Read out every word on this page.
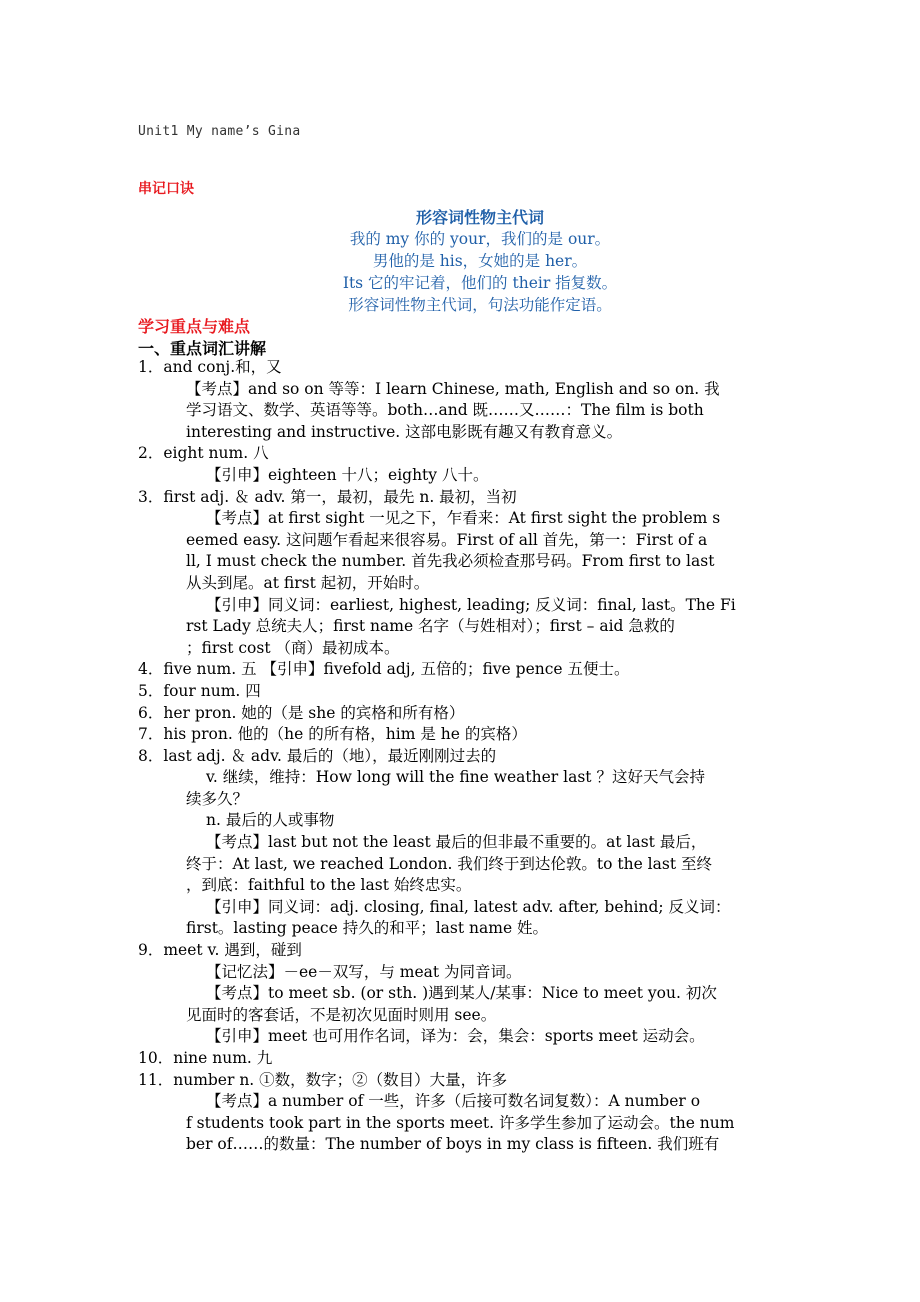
Unit1 My name’s Gina
串记口诀
形容词性物主代词
我的 my 你的 your，我们的是 our。
男他的是 his，女她的是 her。
Its 它的牢记着，他们的 their 指复数。
形容词性物主代词，句法功能作定语。
学习重点与难点
一、重点词汇讲解
1．and conj.和，又
【考点】and so on 等等：I learn Chinese, math, English and so on. 我
学习语文、数学、英语等等。both…and 既……又……：The film is both
interesting and instructive. 这部电影既有趣又有教育意义。
2．eight num. 八
【引申】eighteen 十八；eighty 八十。
3．first adj. ＆ adv. 第一，最初，最先 n. 最初，当初
【考点】at first sight 一见之下，乍看来：At first sight the problem s
eemed easy. 这问题乍看起来很容易。First of all 首先，第一：First of a
ll, I must check the number. 首先我必须检查那号码。From first to last
从头到尾。at first 起初，开始时。
【引申】同义词：earliest, highest, leading; 反义词：final, last。The Fi
rst Lady 总统夫人；first name 名字（与姓相对）；first – aid 急救的
；first cost （商）最初成本。
4．five num. 五 【引申】fivefold adj, 五倍的；five pence 五便士。
5．four num. 四
6．her pron. 她的（是 she 的宾格和所有格）
7．his pron. 他的（he 的所有格，him 是 he 的宾格）
8．last adj. ＆ adv. 最后的（地），最近刚刚过去的
v. 继续，维持：How long will the fine weather last ？这好天气会持
续多久？
n. 最后的人或事物
【考点】last but not the least 最后的但非最不重要的。at last 最后，
终于：At last, we reached London. 我们终于到达伦敦。to the last 至终
，到底：faithful to the last 始终忠实。
【引申】同义词：adj. closing, final, latest adv. after, behind; 反义词：
first。lasting peace 持久的和平；last name 姓。
9．meet v. 遇到，碰到
【记忆法】－ee－双写，与 meat 为同音词。
【考点】to meet sb. (or sth. )遇到某人/某事：Nice to meet you. 初次
见面时的客套话，不是初次见面时则用 see。
【引申】meet 也可用作名词，译为：会，集会：sports meet 运动会。
10．nine num. 九
11．number n. ①数，数字；②（数目）大量，许多
【考点】a number of 一些，许多（后接可数名词复数）：A number o
f students took part in the sports meet. 许多学生参加了运动会。the num
ber of……的数量：The number of boys in my class is fifteen. 我们班有
